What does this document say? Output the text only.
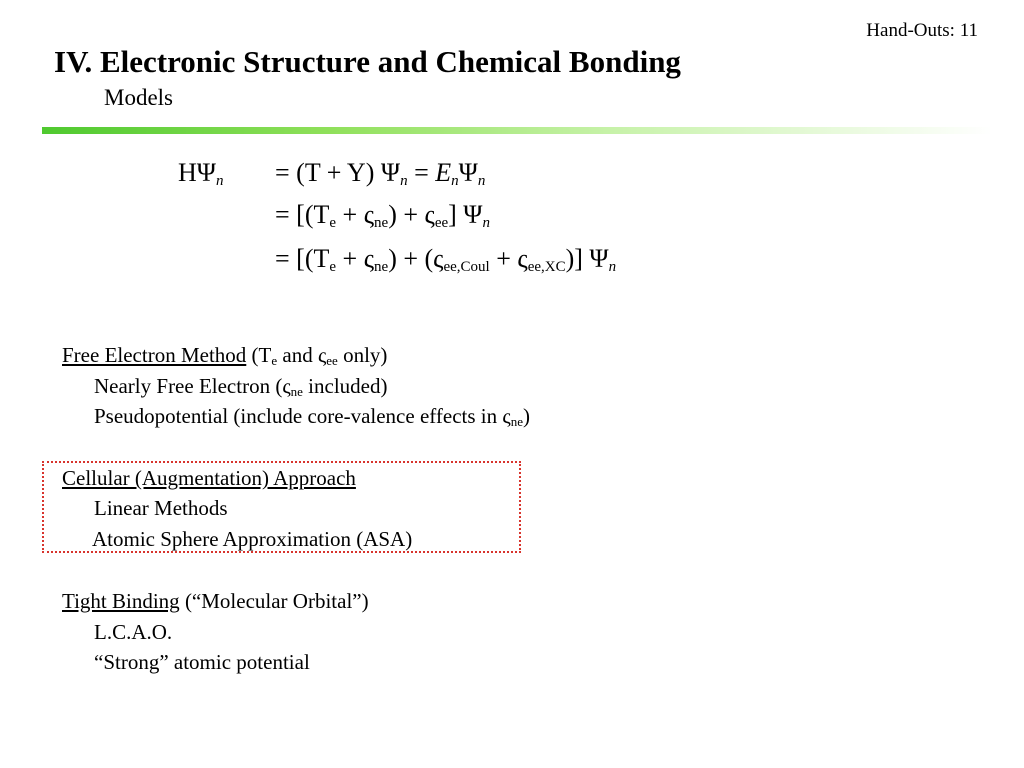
Hand-Outs: 11
IV. Electronic Structure and Chemical Bonding
Models
$H\Psi_n = (T + Y) \Psi_n = E_n\Psi_n$
= $[(T_e + \varsigma_{ne}) + \varsigma_{ee}]$ $\Psi_n$
= $[(T_e + \varsigma_{ne}) + (\varsigma_{ee,Coul} + \varsigma_{ee,XC})]$ $\Psi_n$
Free Electron Method ($T_e$ and $\varsigma_{ee}$ only)
Nearly Free Electron ($\varsigma_{ne}$ included)
Pseudopotential (include core-valence effects in $\varsigma_{ne}$)
Cellular (Augmentation) Approach
Linear Methods
Atomic Sphere Approximation (ASA)
Tight Binding (“Molecular Orbital”)
L.C.A.O.
“Strong” atomic potential
